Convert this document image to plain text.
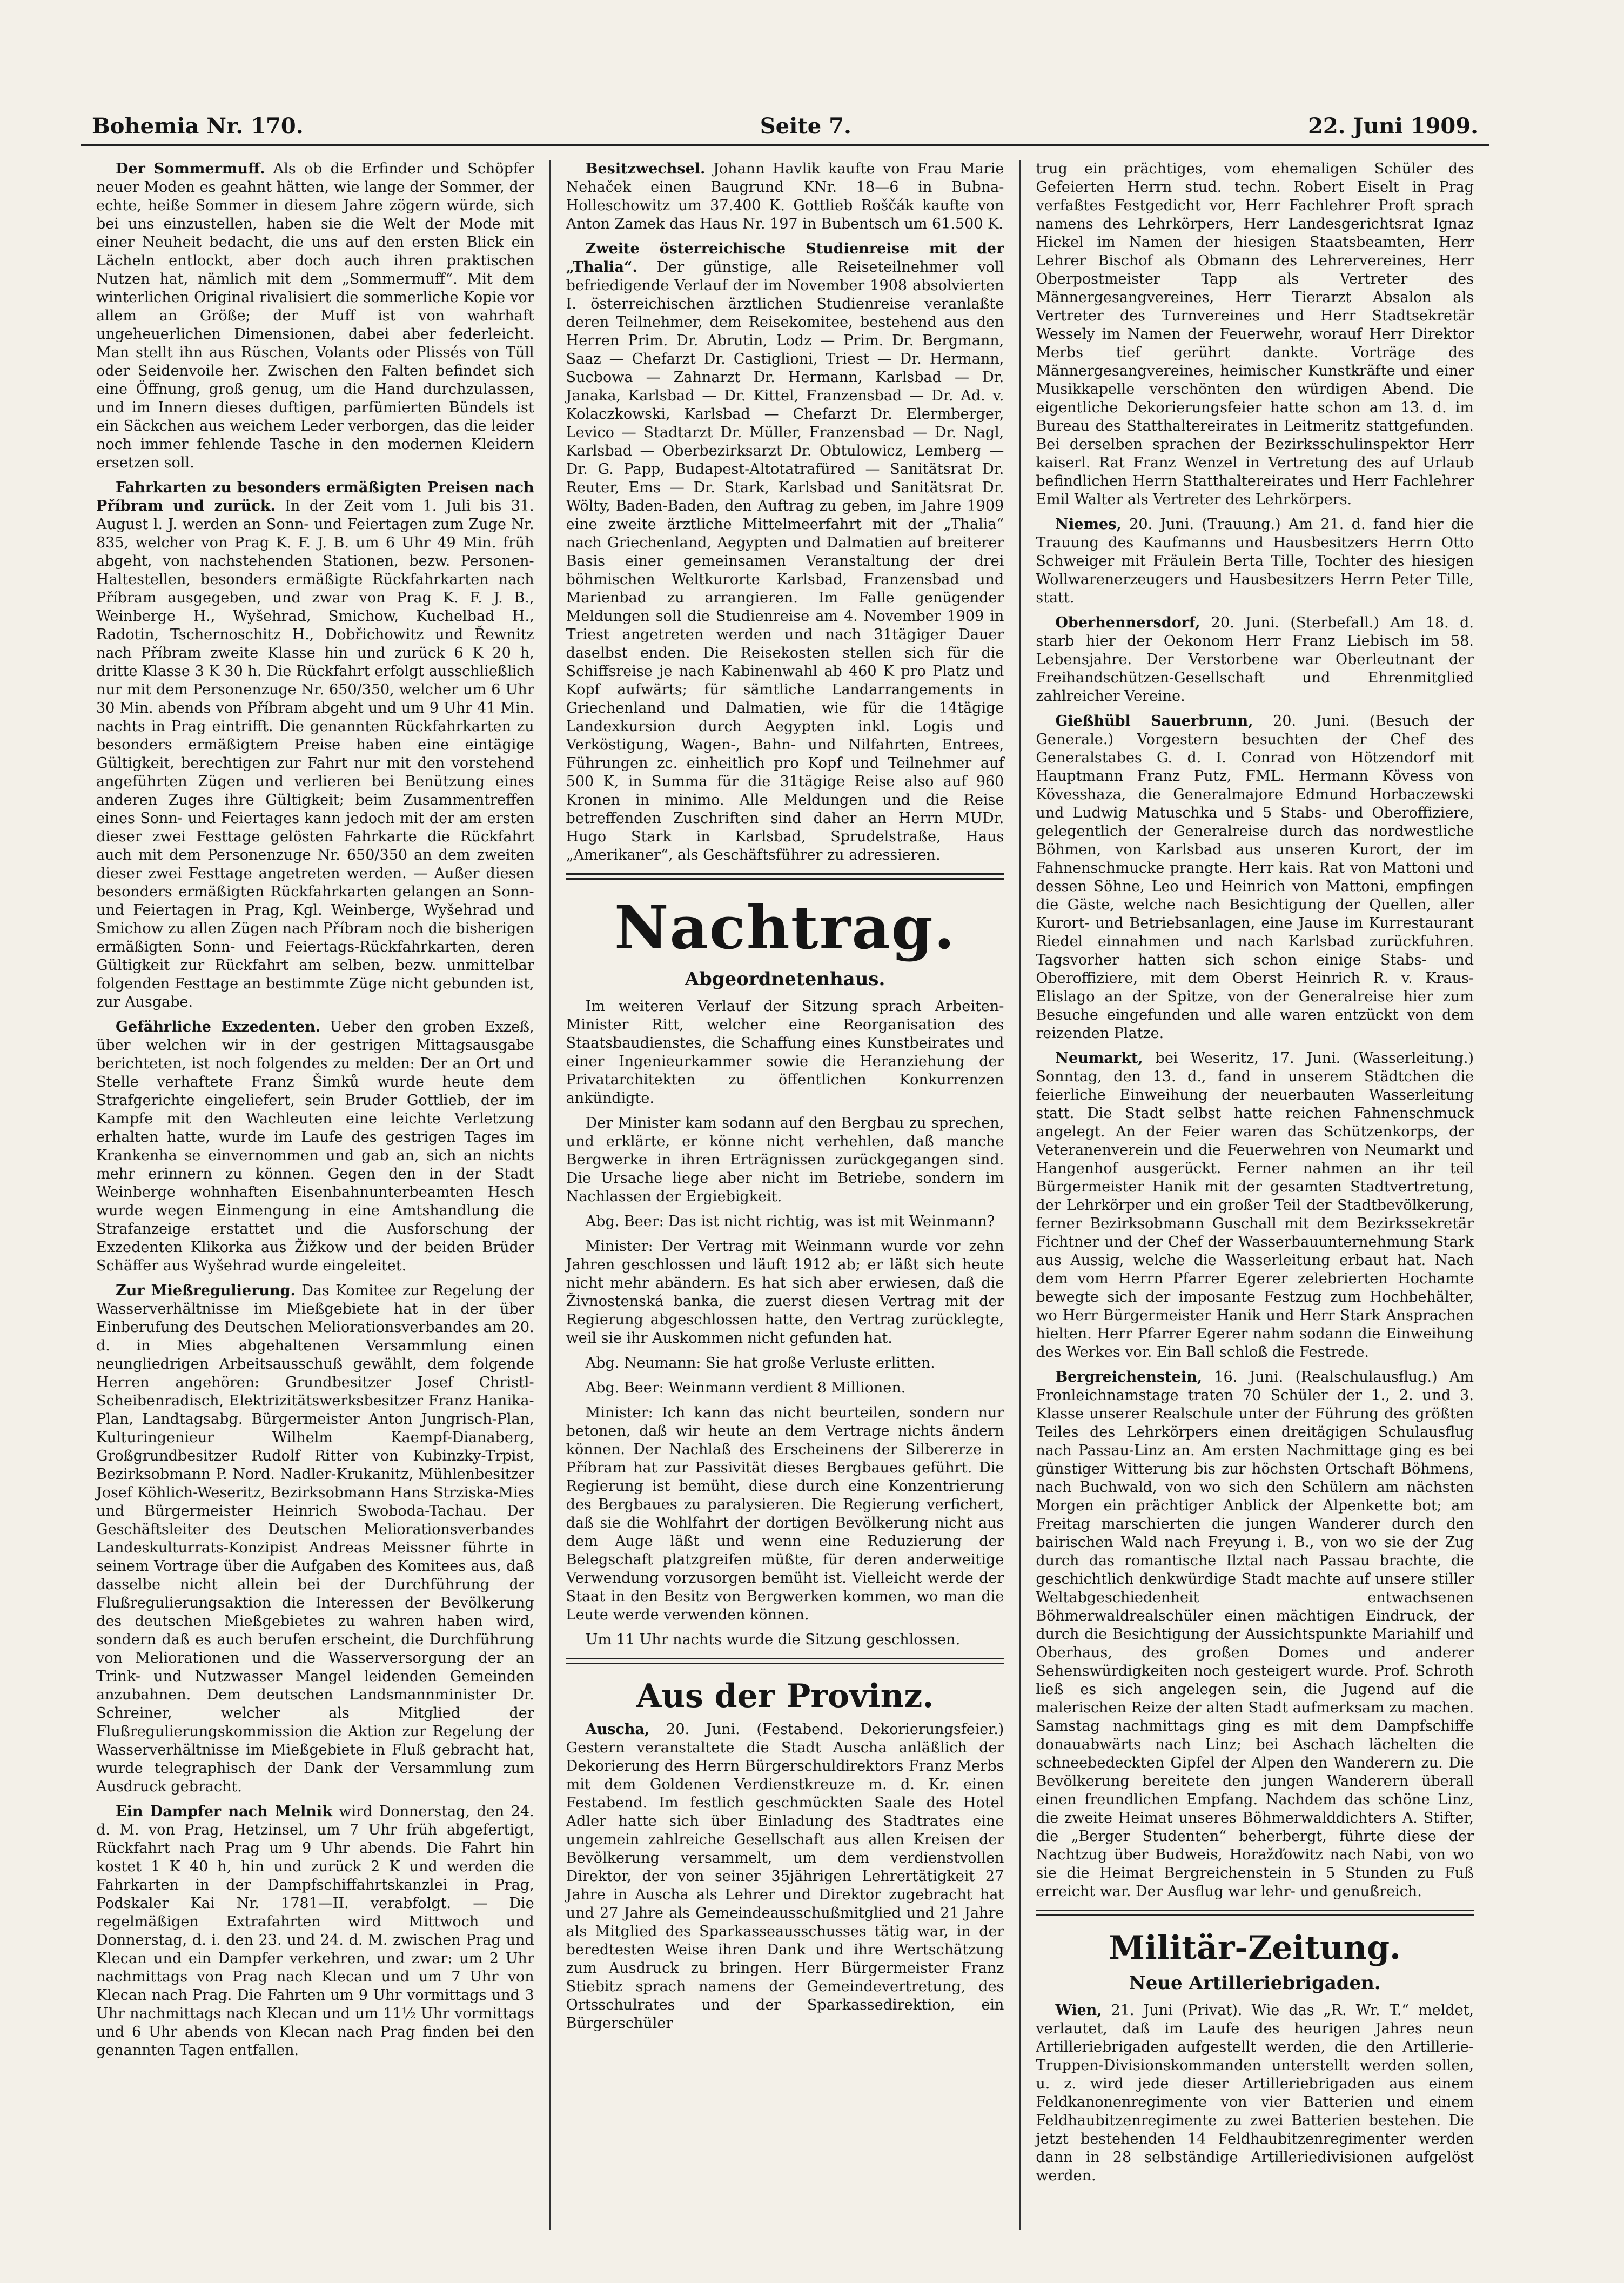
Bohemia Nr. 170.	Seite 7.	22. Juni 1909.

Der Sommermuff. Als ob die Erfinder und Schöpfer neuer Moden es geahnt hätten, wie lange der Sommer, der echte, heiße Sommer in diesem Jahre zögern würde, sich bei uns einzustellen, haben sie die Welt der Mode mit einer Neuheit bedacht, die uns auf den ersten Blick ein Lächeln entlockt, aber doch auch ihren praktischen Nutzen hat, nämlich mit dem „Sommermuff“. Mit dem winterlichen Original rivalisiert die sommerliche Kopie vor allem an Größe; der Muff ist von wahrhaft ungeheuerlichen Dimensionen, dabei aber federleicht. Man stellt ihn aus Rüschen, Volants oder Plissés von Tüll oder Seidenvoile her. Zwischen den Falten befindet sich eine Öffnung, groß genug, um die Hand durchzulassen, und im Innern dieses duftigen, parfümierten Bündels ist ein Säckchen aus weichem Leder verborgen, das die leider noch immer fehlende Tasche in den modernen Kleidern ersetzen soll.

Fahrkarten zu besonders ermäßigten Preisen nach Příbram und zurück. In der Zeit vom 1. Juli bis 31. August l. J. werden an Sonn- und Feiertagen zum Zuge Nr. 835, welcher von Prag K. F. J. B. um 6 Uhr 49 Min. früh abgeht, von nachstehenden Stationen, bezw. Personen-Haltestellen, besonders ermäßigte Rückfahrkarten nach Příbram ausgegeben, und zwar von Prag K. F. J. B., Weinberge H., Wyšehrad, Smichow, Kuchelbad H., Radotin, Tschernoschitz H., Dobřichowitz und Řewnitz nach Příbram zweite Klasse hin und zurück 6 K 20 h, dritte Klasse 3 K 30 h. Die Rückfahrt erfolgt ausschließlich nur mit dem Personenzuge Nr. 650/350, welcher um 6 Uhr 30 Min. abends von Příbram abgeht und um 9 Uhr 41 Min. nachts in Prag eintrifft. Die genannten Rückfahrkarten zu besonders ermäßigtem Preise haben eine eintägige Gültigkeit, berechtigen zur Fahrt nur mit den vorstehend angeführten Zügen und verlieren bei Benützung eines anderen Zuges ihre Gültigkeit; beim Zusammentreffen eines Sonn- und Feiertages kann jedoch mit der am ersten dieser zwei Festtage gelösten Fahrkarte die Rückfahrt auch mit dem Personenzuge Nr. 650/350 an dem zweiten dieser zwei Festtage angetreten werden. — Außer diesen besonders ermäßigten Rückfahrkarten gelangen an Sonn- und Feiertagen in Prag, Kgl. Weinberge, Wyšehrad und Smichow zu allen Zügen nach Příbram noch die bisherigen ermäßigten Sonn- und Feiertags-Rückfahrkarten, deren Gültigkeit zur Rückfahrt am selben, bezw. unmittelbar folgenden Festtage an bestimmte Züge nicht gebunden ist, zur Ausgabe.

Gefährliche Exzedenten. Ueber den groben Exzeß, über welchen wir in der gestrigen Mittagsausgabe berichteten, ist noch folgendes zu melden: Der an Ort und Stelle verhaftete Franz Šimků wurde heute dem Strafgerichte eingeliefert, sein Bruder Gottlieb, der im Kampfe mit den Wachleuten eine leichte Verletzung erhalten hatte, wurde im Laufe des gestrigen Tages im Krankenha se einvernommen und gab an, sich an nichts mehr erinnern zu können. Gegen den in der Stadt Weinberge wohnhaften Eisenbahnunterbeamten Hesch wurde wegen Einmengung in eine Amtshandlung die Strafanzeige erstattet und die Ausforschung der Exzedenten Klikorka aus Žižkow und der beiden Brüder Schäffer aus Wyšehrad wurde eingeleitet.

Zur Mießregulierung. Das Komitee zur Regelung der Wasserverhältnisse im Mießgebiete hat in der über Einberufung des Deutschen Meliorationsverbandes am 20. d. in Mies abgehaltenen Versammlung einen neungliedrigen Arbeitsausschuß gewählt, dem folgende Herren angehören: Grundbesitzer Josef Christl-Scheibenradisch, Elektrizitätswerksbesitzer Franz Hanika-Plan, Landtagsabg. Bürgermeister Anton Jungrisch-Plan, Kulturingenieur Wilhelm Kaempf-Dianaberg, Großgrundbesitzer Rudolf Ritter von Kubinzky-Trpist, Bezirksobmann P. Nord. Nadler-Krukanitz, Mühlenbesitzer Josef Köhlich-Weseritz, Bezirksobmann Hans Strziska-Mies und Bürgermeister Heinrich Swoboda-Tachau. Der Geschäftsleiter des Deutschen Meliorationsverbandes Landeskulturrats-Konzipist Andreas Meissner führte in seinem Vortrage über die Aufgaben des Komitees aus, daß dasselbe nicht allein bei der Durchführung der Flußregulierungsaktion die Interessen der Bevölkerung des deutschen Mießgebietes zu wahren haben wird, sondern daß es auch berufen erscheint, die Durchführung von Meliorationen und die Wasserversorgung der an Trink- und Nutzwasser Mangel leidenden Gemeinden anzubahnen. Dem deutschen Landsmannminister Dr. Schreiner, welcher als Mitglied der Flußregulierungskommission die Aktion zur Regelung der Wasserverhältnisse im Mießgebiete in Fluß gebracht hat, wurde telegraphisch der Dank der Versammlung zum Ausdruck gebracht.

Ein Dampfer nach Melnik wird Donnerstag, den 24. d. M. von Prag, Hetzinsel, um 7 Uhr früh abgefertigt, Rückfahrt nach Prag um 9 Uhr abends. Die Fahrt hin kostet 1 K 40 h, hin und zurück 2 K und werden die Fahrkarten in der Dampfschiffahrtskanzlei in Prag, Podskaler Kai Nr. 1781—II. verabfolgt. — Die regelmäßigen Extrafahrten wird Mittwoch und Donnerstag, d. i. den 23. und 24. d. M. zwischen Prag und Klecan und ein Dampfer verkehren, und zwar: um 2 Uhr nachmittags von Prag nach Klecan und um 7 Uhr von Klecan nach Prag. Die Fahrten um 9 Uhr vormittags und 3 Uhr nachmittags nach Klecan und um 11½ Uhr vormittags und 6 Uhr abends von Klecan nach Prag finden bei den genannten Tagen entfallen.

Besitzwechsel. Johann Havlik kaufte von Frau Marie Nehaček einen Baugrund KNr. 18—6 in Bubna-Holleschowitz um 37.400 K. Gottlieb Roščák kaufte von Anton Zamek das Haus Nr. 197 in Bubentsch um 61.500 K.

Zweite österreichische Studienreise mit der „Thalia“. Der günstige, alle Reiseteilnehmer voll befriedigende Verlauf der im November 1908 absolvierten I. österreichischen ärztlichen Studienreise veranlaßte deren Teilnehmer, dem Reisekomitee, bestehend aus den Herren Prim. Dr. Abrutin, Lodz — Prim. Dr. Bergmann, Saaz — Chefarzt Dr. Castiglioni, Triest — Dr. Hermann, Sucbowa — Zahnarzt Dr. Hermann, Karlsbad — Dr. Janaka, Karlsbad — Dr. Kittel, Franzensbad — Dr. Ad. v. Kolaczkowski, Karlsbad — Chefarzt Dr. Elermberger, Levico — Stadtarzt Dr. Müller, Franzensbad — Dr. Nagl, Karlsbad — Oberbezirksarzt Dr. Obtulowicz, Lemberg — Dr. G. Papp, Budapest-Altotatrafüred — Sanitätsrat Dr. Reuter, Ems — Dr. Stark, Karlsbad und Sanitätsrat Dr. Wölty, Baden-Baden, den Auftrag zu geben, im Jahre 1909 eine zweite ärztliche Mittelmeerfahrt mit der „Thalia“ nach Griechenland, Aegypten und Dalmatien auf breiterer Basis einer gemeinsamen Veranstaltung der drei böhmischen Weltkurorte Karlsbad, Franzensbad und Marienbad zu arrangieren. Im Falle genügender Meldungen soll die Studienreise am 4. November 1909 in Triest angetreten werden und nach 31tägiger Dauer daselbst enden. Die Reisekosten stellen sich für die Schiffsreise je nach Kabinenwahl ab 460 K pro Platz und Kopf aufwärts; für sämtliche Landarrangements in Griechenland und Dalmatien, wie für die 14tägige Landexkursion durch Aegypten inkl. Logis und Verköstigung, Wagen-, Bahn- und Nilfahrten, Entrees, Führungen zc. einheitlich pro Kopf und Teilnehmer auf 500 K, in Summa für die 31tägige Reise also auf 960 Kronen in minimo. Alle Meldungen und die Reise betreffenden Zuschriften sind daher an Herrn MUDr. Hugo Stark in Karlsbad, Sprudelstraße, Haus „Amerikaner“, als Geschäftsführer zu adressieren.

Nachtrag.
Abgeordnetenhaus.

Im weiteren Verlauf der Sitzung sprach Arbeiten-Minister Ritt, welcher eine Reorganisation des Staatsbaudienstes, die Schaffung eines Kunstbeirates und einer Ingenieurkammer sowie die Heranziehung der Privatarchitekten zu öffentlichen Konkurrenzen ankündigte.

Der Minister kam sodann auf den Bergbau zu sprechen, und erklärte, er könne nicht verhehlen, daß manche Bergwerke in ihren Erträgnissen zurückgegangen sind. Die Ursache liege aber nicht im Betriebe, sondern im Nachlassen der Ergiebigkeit.

Abg. Beer: Das ist nicht richtig, was ist mit Weinmann?

Minister: Der Vertrag mit Weinmann wurde vor zehn Jahren geschlossen und läuft 1912 ab; er läßt sich heute nicht mehr abändern. Es hat sich aber erwiesen, daß die Živnostenská banka, die zuerst diesen Vertrag mit der Regierung abgeschlossen hatte, den Vertrag zurücklegte, weil sie ihr Auskommen nicht gefunden hat.

Abg. Neumann: Sie hat große Verluste erlitten.

Abg. Beer: Weinmann verdient 8 Millionen.

Minister: Ich kann das nicht beurteilen, sondern nur betonen, daß wir heute an dem Vertrage nichts ändern können. Der Nachlaß des Erscheinens der Silbererze in Příbram hat zur Passivität dieses Bergbaues geführt. Die Regierung ist bemüht, diese durch eine Konzentrierung des Bergbaues zu paralysieren. Die Regierung verfichert, daß sie die Wohlfahrt der dortigen Bevölkerung nicht aus dem Auge läßt und wenn eine Reduzierung der Belegschaft platzgreifen müßte, für deren anderweitige Verwendung vorzusorgen bemüht ist. Vielleicht werde der Staat in den Besitz von Bergwerken kommen, wo man die Leute werde verwenden können.

Um 11 Uhr nachts wurde die Sitzung geschlossen.

Aus der Provinz.

Auscha, 20. Juni. (Festabend. Dekorierungsfeier.) Gestern veranstaltete die Stadt Auscha anläßlich der Dekorierung des Herrn Bürgerschuldirektors Franz Merbs mit dem Goldenen Verdienstkreuze m. d. Kr. einen Festabend. Im festlich geschmückten Saale des Hotel Adler hatte sich über Einladung des Stadtrates eine ungemein zahlreiche Gesellschaft aus allen Kreisen der Bevölkerung versammelt, um dem verdienstvollen Direktor, der von seiner 35jährigen Lehrertätigkeit 27 Jahre in Auscha als Lehrer und Direktor zugebracht hat und 27 Jahre als Gemeindeausschußmitglied und 21 Jahre als Mitglied des Sparkasseausschusses tätig war, in der beredtesten Weise ihren Dank und ihre Wertschätzung zum Ausdruck zu bringen. Herr Bürgermeister Franz Stiebitz sprach namens der Gemeindevertretung, des Ortsschulrates und der Sparkassedirektion, ein Bürgerschüler

trug ein prächtiges, vom ehemaligen Schüler des Gefeierten Herrn stud. techn. Robert Eiselt in Prag verfaßtes Festgedicht vor, Herr Fachlehrer Proft sprach namens des Lehrkörpers, Herr Landesgerichtsrat Ignaz Hickel im Namen der hiesigen Staatsbeamten, Herr Lehrer Bischof als Obmann des Lehrervereines, Herr Oberpostmeister Tapp als Vertreter des Männergesangvereines, Herr Tierarzt Absalon als Vertreter des Turnvereines und Herr Stadtsekretär Wessely im Namen der Feuerwehr, worauf Herr Direktor Merbs tief gerührt dankte. Vorträge des Männergesangvereines, heimischer Kunstkräfte und einer Musikkapelle verschönten den würdigen Abend. Die eigentliche Dekorierungsfeier hatte schon am 13. d. im Bureau des Statthaltereirates in Leitmeritz stattgefunden. Bei derselben sprachen der Bezirksschulinspektor Herr kaiserl. Rat Franz Wenzel in Vertretung des auf Urlaub befindlichen Herrn Statthaltereirates und Herr Fachlehrer Emil Walter als Vertreter des Lehrkörpers.

Niemes, 20. Juni. (Trauung.) Am 21. d. fand hier die Trauung des Kaufmanns und Hausbesitzers Herrn Otto Schweiger mit Fräulein Berta Tille, Tochter des hiesigen Wollwarenerzeugers und Hausbesitzers Herrn Peter Tille, statt.

Oberhennersdorf, 20. Juni. (Sterbefall.) Am 18. d. starb hier der Oekonom Herr Franz Liebisch im 58. Lebensjahre. Der Verstorbene war Oberleutnant der Freihandschützen-Gesellschaft und Ehrenmitglied zahlreicher Vereine.

Gießhübl Sauerbrunn, 20. Juni. (Besuch der Generale.) Vorgestern besuchten der Chef des Generalstabes G. d. I. Conrad von Hötzendorf mit Hauptmann Franz Putz, FML. Hermann Kövess von Kövesshaza, die Generalmajore Edmund Horbaczewski und Ludwig Matuschka und 5 Stabs- und Oberoffiziere, gelegentlich der Generalreise durch das nordwestliche Böhmen, von Karlsbad aus unseren Kurort, der im Fahnenschmucke prangte. Herr kais. Rat von Mattoni und dessen Söhne, Leo und Heinrich von Mattoni, empfingen die Gäste, welche nach Besichtigung der Quellen, aller Kurort- und Betriebsanlagen, eine Jause im Kurrestaurant Riedel einnahmen und nach Karlsbad zurückfuhren. Tagsvorher hatten sich schon einige Stabs- und Oberoffiziere, mit dem Oberst Heinrich R. v. Kraus-Elislago an der Spitze, von der Generalreise hier zum Besuche eingefunden und alle waren entzückt von dem reizenden Platze.

Neumarkt, bei Weseritz, 17. Juni. (Wasserleitung.) Sonntag, den 13. d., fand in unserem Städtchen die feierliche Einweihung der neuerbauten Wasserleitung statt. Die Stadt selbst hatte reichen Fahnenschmuck angelegt. An der Feier waren das Schützenkorps, der Veteranenverein und die Feuerwehren von Neumarkt und Hangenhof ausgerückt. Ferner nahmen an ihr teil Bürgermeister Hanik mit der gesamten Stadtvertretung, der Lehrkörper und ein großer Teil der Stadtbevölkerung, ferner Bezirksobmann Guschall mit dem Bezirkssekretär Fichtner und der Chef der Wasserbauunternehmung Stark aus Aussig, welche die Wasserleitung erbaut hat. Nach dem vom Herrn Pfarrer Egerer zelebrierten Hochamte bewegte sich der imposante Festzug zum Hochbehälter, wo Herr Bürgermeister Hanik und Herr Stark Ansprachen hielten. Herr Pfarrer Egerer nahm sodann die Einweihung des Werkes vor. Ein Ball schloß die Festrede.

Bergreichenstein, 16. Juni. (Realschulausflug.) Am Fronleichnamstage traten 70 Schüler der 1., 2. und 3. Klasse unserer Realschule unter der Führung des größten Teiles des Lehrkörpers einen dreitägigen Schulausflug nach Passau-Linz an. Am ersten Nachmittage ging es bei günstiger Witterung bis zur höchsten Ortschaft Böhmens, nach Buchwald, von wo sich den Schülern am nächsten Morgen ein prächtiger Anblick der Alpenkette bot; am Freitag marschierten die jungen Wanderer durch den bairischen Wald nach Freyung i. B., von wo sie der Zug durch das romantische Ilztal nach Passau brachte, die geschichtlich denkwürdige Stadt machte auf unsere stiller Weltabgeschiedenheit entwachsenen Böhmerwaldrealschüler einen mächtigen Eindruck, der durch die Besichtigung der Aussichtspunkte Mariahilf und Oberhaus, des großen Domes und anderer Sehenswürdigkeiten noch gesteigert wurde. Prof. Schroth ließ es sich angelegen sein, die Jugend auf die malerischen Reize der alten Stadt aufmerksam zu machen. Samstag nachmittags ging es mit dem Dampfschiffe donauabwärts nach Linz; bei Aschach lächelten die schneebedeckten Gipfel der Alpen den Wanderern zu. Die Bevölkerung bereitete den jungen Wanderern überall einen freundlichen Empfang. Nachdem das schöne Linz, die zweite Heimat unseres Böhmerwalddichters A. Stifter, die „Berger Studenten“ beherbergt, führte diese der Nachtzug über Budweis, Horažďowitz nach Nabi, von wo sie die Heimat Bergreichenstein in 5 Stunden zu Fuß erreicht war. Der Ausflug war lehr- und genußreich.

Militär-Zeitung.
Neue Artilleriebrigaden.

Wien, 21. Juni (Privat). Wie das „R. Wr. T.“ meldet, verlautet, daß im Laufe des heurigen Jahres neun Artilleriebrigaden aufgestellt werden, die den Artillerie-Truppen-Divisionskommanden unterstellt werden sollen, u. z. wird jede dieser Artilleriebrigaden aus einem Feldkanonenregimente von vier Batterien und einem Feldhaubitzenregimente zu zwei Batterien bestehen. Die jetzt bestehenden 14 Feldhaubitzenregimenter werden dann in 28 selbständige Artilleriedivisionen aufgelöst werden.
